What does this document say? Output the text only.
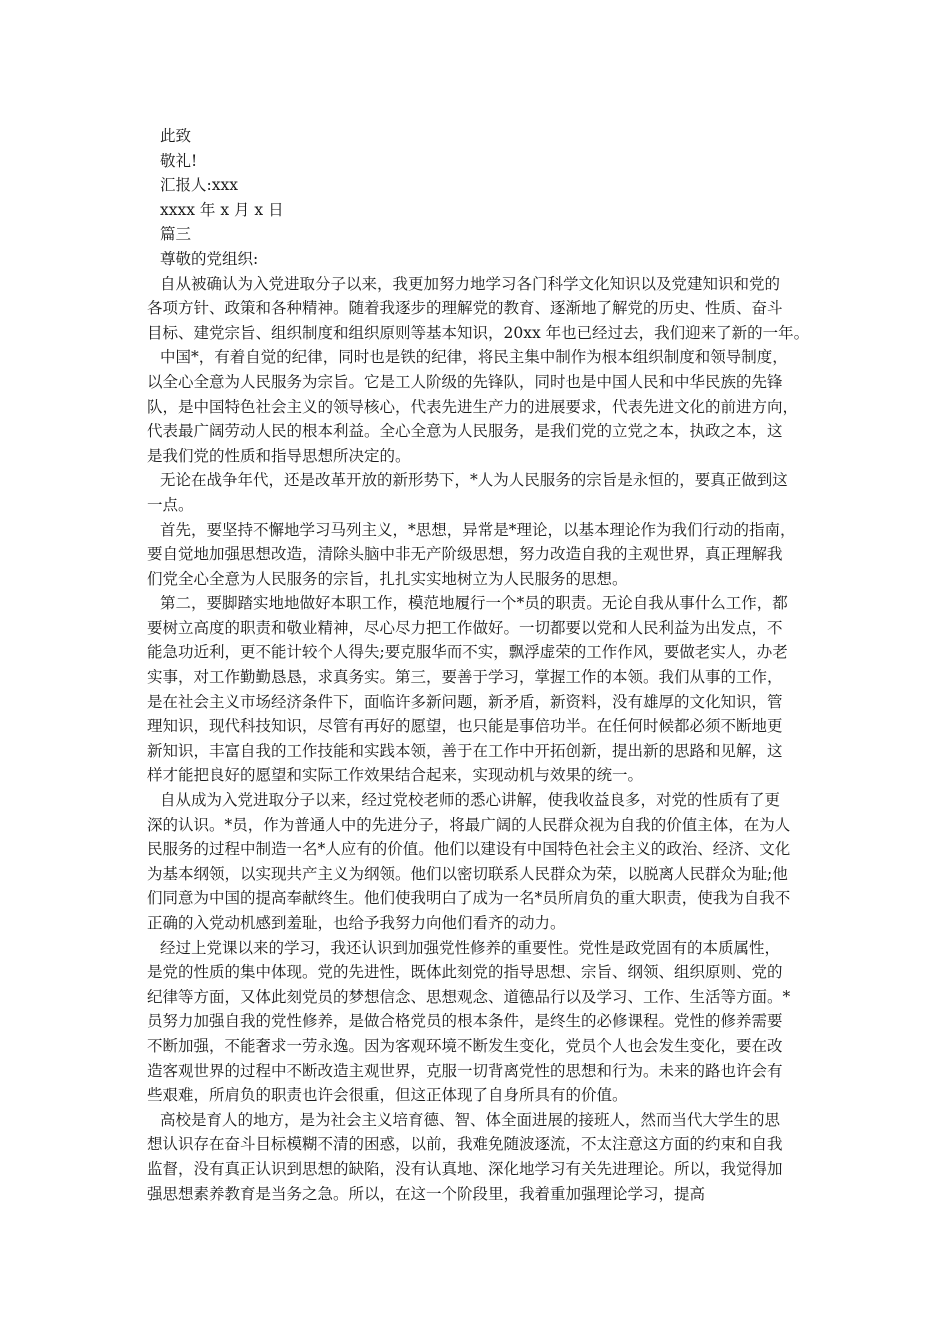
此致
敬礼!
汇报人:xxx
xxxx 年 x 月 x 日
篇三
尊敬的党组织:
自从被确认为入党进取分子以来，我更加努力地学习各门科学文化知识以及党建知识和党的
各项方针、政策和各种精神。随着我逐步的理解党的教育、逐渐地了解党的历史、性质、奋斗
目标、建党宗旨、组织制度和组织原则等基本知识，20xx 年也已经过去，我们迎来了新的一年。
中国*，有着自觉的纪律，同时也是铁的纪律，将民主集中制作为根本组织制度和领导制度，
以全心全意为人民服务为宗旨。它是工人阶级的先锋队，同时也是中国人民和中华民族的先锋
队，是中国特色社会主义的领导核心，代表先进生产力的进展要求，代表先进文化的前进方向，
代表最广阔劳动人民的根本利益。全心全意为人民服务，是我们党的立党之本，执政之本，这
是我们党的性质和指导思想所决定的。
无论在战争年代，还是改革开放的新形势下，*人为人民服务的宗旨是永恒的，要真正做到这
一点。
首先，要坚持不懈地学习马列主义，*思想，异常是*理论，以基本理论作为我们行动的指南，
要自觉地加强思想改造，清除头脑中非无产阶级思想，努力改造自我的主观世界，真正理解我
们党全心全意为人民服务的宗旨，扎扎实实地树立为人民服务的思想。
第二，要脚踏实地地做好本职工作，模范地履行一个*员的职责。无论自我从事什么工作，都
要树立高度的职责和敬业精神，尽心尽力把工作做好。一切都要以党和人民利益为出发点，不
能急功近利，更不能计较个人得失;要克服华而不实，飘浮虚荣的工作作风，要做老实人，办老
实事，对工作勤勤恳恳，求真务实。第三，要善于学习，掌握工作的本领。我们从事的工作，
是在社会主义市场经济条件下，面临许多新问题，新矛盾，新资料，没有雄厚的文化知识，管
理知识，现代科技知识，尽管有再好的愿望，也只能是事倍功半。在任何时候都必须不断地更
新知识，丰富自我的工作技能和实践本领，善于在工作中开拓创新，提出新的思路和见解，这
样才能把良好的愿望和实际工作效果结合起来，实现动机与效果的统一。
自从成为入党进取分子以来，经过党校老师的悉心讲解，使我收益良多，对党的性质有了更
深的认识。*员，作为普通人中的先进分子，将最广阔的人民群众视为自我的价值主体，在为人
民服务的过程中制造一名*人应有的价值。他们以建设有中国特色社会主义的政治、经济、文化
为基本纲领，以实现共产主义为纲领。他们以密切联系人民群众为荣，以脱离人民群众为耻;他
们同意为中国的提高奉献终生。他们使我明白了成为一名*员所肩负的重大职责，使我为自我不
正确的入党动机感到羞耻，也给予我努力向他们看齐的动力。
经过上党课以来的学习，我还认识到加强党性修养的重要性。党性是政党固有的本质属性，
是党的性质的集中体现。党的先进性，既体此刻党的指导思想、宗旨、纲领、组织原则、党的
纪律等方面，又体此刻党员的梦想信念、思想观念、道德品行以及学习、工作、生活等方面。*
员努力加强自我的党性修养，是做合格党员的根本条件，是终生的必修课程。党性的修养需要
不断加强，不能奢求一劳永逸。因为客观环境不断发生变化，党员个人也会发生变化，要在改
造客观世界的过程中不断改造主观世界，克服一切背离党性的思想和行为。未来的路也许会有
些艰难，所肩负的职责也许会很重，但这正体现了自身所具有的价值。
高校是育人的地方，是为社会主义培育德、智、体全面进展的接班人，然而当代大学生的思
想认识存在奋斗目标模糊不清的困惑，以前，我难免随波逐流，不太注意这方面的约束和自我
监督，没有真正认识到思想的缺陷，没有认真地、深化地学习有关先进理论。所以，我觉得加
强思想素养教育是当务之急。所以，在这一个阶段里，我着重加强理论学习，提高
